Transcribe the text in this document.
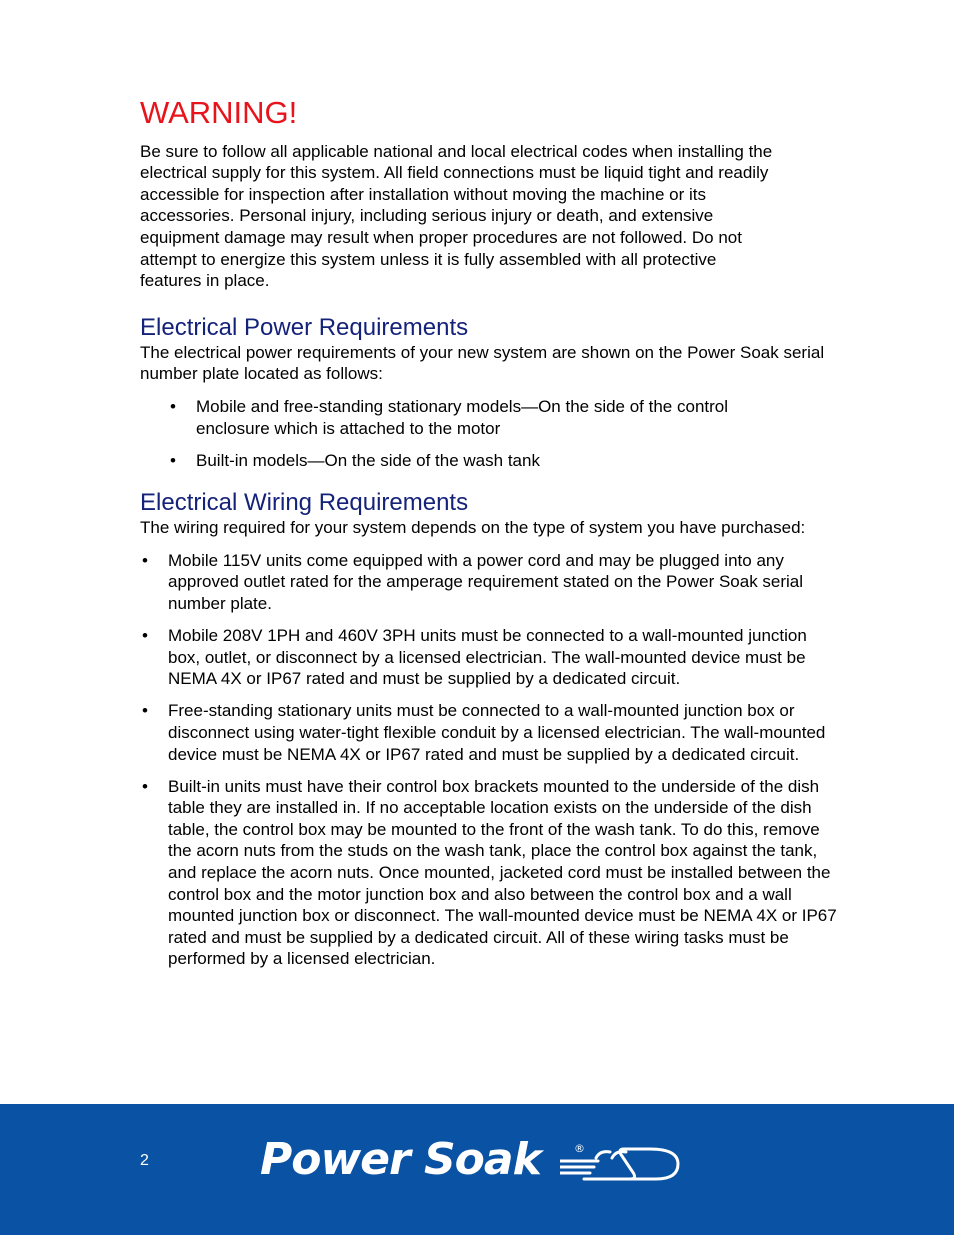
WARNING!

Be sure to follow all applicable national and local electrical codes when installing the electrical supply for this system. All field connections must be liquid tight and readily accessible for inspection after installation without moving the machine or its accessories. Personal injury, including serious injury or death, and extensive equipment damage may result when proper procedures are not followed. Do not attempt to energize this system unless it is fully assembled with all protective features in place.

Electrical Power Requirements

The electrical power requirements of your new system are shown on the Power Soak serial number plate located as follows:

• Mobile and free-standing stationary models—On the side of the control enclosure which is attached to the motor
• Built-in models—On the side of the wash tank
Electrical Wiring Requirements

The wiring required for your system depends on the type of system you have purchased:

• Mobile 115V units come equipped with a power cord and may be plugged into any approved outlet rated for the amperage requirement stated on the Power Soak serial number plate.
• Mobile 208V 1PH and 460V 3PH units must be connected to a wall-mounted junction box, outlet, or disconnect by a licensed electrician. The wall-mounted device must be NEMA 4X or IP67 rated and must be supplied by a dedicated circuit.
• Free-standing stationary units must be connected to a wall-mounted junction box or disconnect using water-tight flexible conduit by a licensed electrician. The wall-mounted device must be NEMA 4X or IP67 rated and must be supplied by a dedicated circuit.
• Built-in units must have their control box brackets mounted to the underside of the dish table they are installed in. If no acceptable location exists on the underside of the dish table, the control box may be mounted to the front of the wash tank. To do this, remove the acorn nuts from the studs on the wash tank, place the control box against the tank, and replace the acorn nuts. Once mounted, jacketed cord must be installed between the control box and the motor junction box and also between the control box and a wall mounted junction box or disconnect. The wall-mounted device must be NEMA 4X or IP67 rated and must be supplied by a dedicated circuit. All of these wiring tasks must be performed by a licensed electrician.
2	Power Soak	®
